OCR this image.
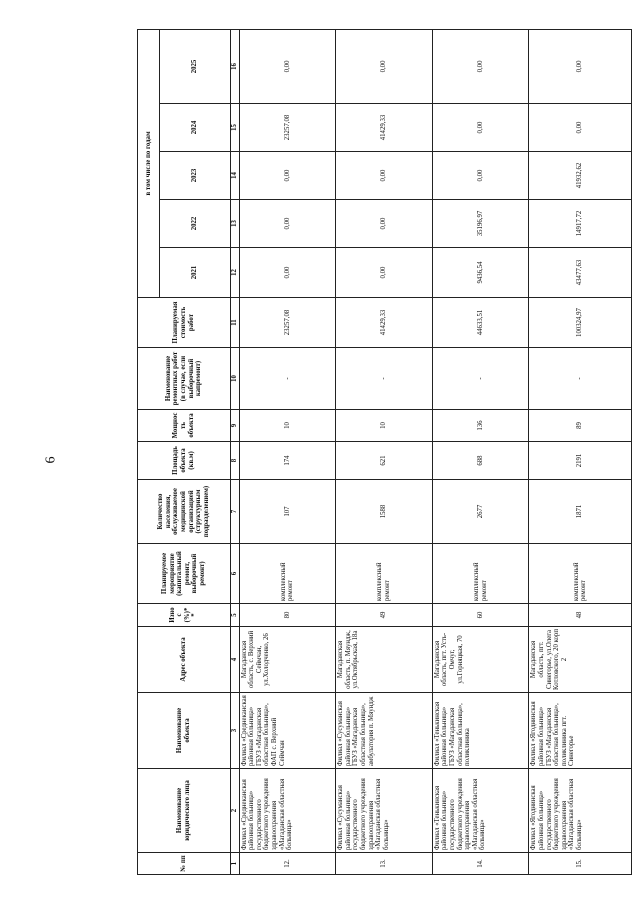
6
№ пп	Наименование юридического лица	Наименование объекта	Адрес объекта	Износ (%)**	Планируемое мероприятие (капитальный ремонт, выборочный ремонт)	Количество населения, обслуживаемое медицинской организацией (структурным подразделением)	Площадь объекта (кв.м)	Мощность объекта	Наименование ремонтных работ (в случае, если выборочный капремонт)	Планируемая стоимость работ	в том числе по годам				
											2021	2022	2023	2024	2025
1	2	3	4	5	6	7	8	9	10	11	12	13	14	15	16
12.	Филиал «Среднеканская районная больница» государственного бюджетного учреждения здравоохранения «Магаданская областная больница»	Филиал «Среднеканская районная больница» ГБУЗ «Магаданская областная больница», ФАП с. Верхний Сеймчан	Магаданская область, с. Верхний Сеймчан, ул.Холодченко, 26	80	комплексный ремонт	107	174	10	-	23257,08	0,00	0,00	0,00	23257,08	0,00
13.	Филиал «Сусуманская районная больница» государственного бюджетного учреждения здравоохранения «Магаданская областная больница»	Филиал «Сусуманская районная больница» ГБУЗ «Магаданская областная больница», амбулатория п. Мяундж	Магаданская область, п. Мяундж, ул.Октябрьская, 18а	49	комплексный ремонт	1588	621	10	-	41429,33	0,00	0,00	0,00	41429,33	0,00
14.	Филиал «Тенькинская районная больница» государственного бюджетного учреждения здравоохранения «Магаданская областная больница»	Филиал «Тенькинская районная больница» ГБУЗ «Магаданская областная больница», поликлиника	Магаданская область, пгт. Усть-Омчуг, ул.Горняцкая, 70	60	комплексный ремонт	2677	688	136	-	44633,51	9436,54	35196,97	0,00	0,00	0,00
15.	Филиал «Ягоднинская районная больница» государственного бюджетного учреждения здравоохранения «Магаданская областная больница»	Филиал «Ягоднинская районная больница» ГБУЗ «Магаданская областная больница», поликлиника пгт. Синегорье	Магаданская область, пгт. Синегорье, ул.Олега Котловского, 20 корп 2	48	комплексный ремонт	1871	2191	89	-	100324,97	43477,63	14917,72	41932,62	0,00	0,00
